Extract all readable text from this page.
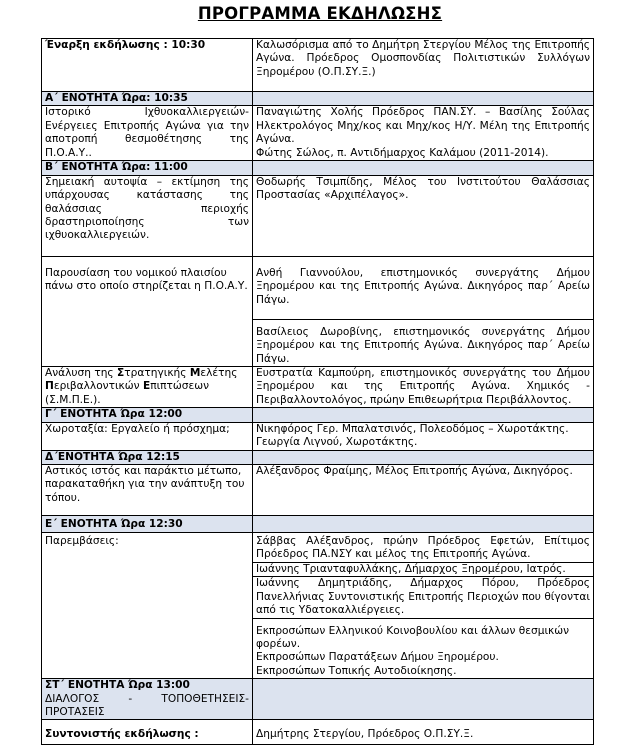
ΠΡΟΓΡΑΜΜΑ ΕΚΔΗΛΩΣΗΣ
Έναρξη εκδήλωσης : 10:30	Καλωσόρισμα από το Δημήτρη Στεργίου Μέλος της Επιτροπής Αγώνα. Πρόεδρος Ομοσπονδίας Πολιτιστικών Συλλόγων Ξηρομέρου (Ο.Π.ΣΥ.Ξ.)
Α΄ ΕΝΟΤΗΤΑ Ώρα: 10:35	
Ιστορικό Ιχθυοκαλλιεργειών- Ενέργειες Επιτροπής Αγώνα για την αποτροπή θεσμοθέτησης της Π.Ο.Α.Υ..	Παναγιώτης Χολής Πρόεδρος ΠΑΝ.ΣΥ. – Βασίλης Σούλας Ηλεκτρολόγος Μηχ/κος και Μηχ/κος Η/Υ. Μέλη της Επιτροπής Αγώνα.
Φώτης Σώλος, π. Αντιδήμαρχος Καλάμου (2011-2014).

Β΄ ΕΝΟΤΗΤΑ Ώρα: 11:00	
Σημειακή αυτοψία – εκτίμηση της υπάρχουσας κατάστασης της θαλάσσιας περιοχής δραστηριοποίησης των ιχθυοκαλλιεργειών.	Θοδωρής Τσιμπίδης, Μέλος του Ινστιτούτου Θαλάσσιας Προστασίας «Αρχιπέλαγος».
Παρουσίαση του νομικού πλαισίου πάνω στο οποίο στηρίζεται η Π.Ο.Α.Υ.	Ανθή Γιαννούλου, επιστημονικός συνεργάτης Δήμου Ξηρομέρου και της Επιτροπής Αγώνα. Δικηγόρος παρ΄ Αρείω Πάγω.
	Βασίλειος Δωροβίνης, επιστημονικός συνεργάτης Δήμου Ξηρομέρου και της Επιτροπής Αγώνα. Δικηγόρος παρ΄ Αρείω Πάγω.
Ανάλυση της Στρατηγικής Μελέτης Περιβαλλοντικών Επιπτώσεων (Σ.Μ.Π.Ε.).	Ευστρατία Καμπούρη, επιστημονικός συνεργάτης του Δήμου Ξηρομέρου και της Επιτροπής Αγώνα. Χημικός - Περιβαλλοντολόγος, πρώην Επιθεωρήτρια Περιβάλλοντος.
Γ΄ ΕΝΟΤΗΤΑ Ώρα 12:00	
Χωροταξία: Εργαλείο ή πρόσχημα;	Νικηφόρος Γερ. Μπαλατσινός, Πολεοδόμος – Χωροτάκτης. Γεωργία Λιγνού, Χωροτάκτης.
Δ΄ΕΝΟΤΗΤΑ Ώρα 12:15	
Αστικός ιστός και παράκτιο μέτωπο, παρακαταθήκη για την ανάπτυξη του τόπου.	Αλέξανδρος Φραίμης, Μέλος Επιτροπής Αγώνα, Δικηγόρος.
Ε΄ ΕΝΟΤΗΤΑ Ώρα 12:30	
Παρεμβάσεις:	Σάββας Αλέξανδρος, πρώην Πρόεδρος Εφετών, Επίτιμος Πρόεδρος ΠΑ.ΝΣΥ και μέλος της Επιτροπής Αγώνα.
	Ιωάννης Τριανταφυλλάκης, Δήμαρχος Ξηρομέρου, Ιατρός.
	Ιωάννης Δημητριάδης, Δήμαρχος Πόρου, Πρόεδρος Πανελλήνιας Συντονιστικής Επιτροπής Περιοχών που θίγονται από τις Υδατοκαλλιέργειες.

	Εκπροσώπων Ελληνικού Κοινοβουλίου και άλλων θεσμικών φορέων.
Εκπροσώπων Παρατάξεων Δήμου Ξηρομέρου.
Εκπροσώπων Τοπικής Αυτοδιοίκησης.

ΣΤ΄ ΕΝΟΤΗΤΑ Ώρα 13:00
ΔΙΑΛΟΓΟΣ - ΤΟΠΟΘΕΤΗΣΕΙΣ- ΠΡΟΤΑΣΕΙΣ	

Συντονιστής εκδήλωσης :	Δημήτρης Στεργίου, Πρόεδρος Ο.Π.ΣΥ.Ξ.
